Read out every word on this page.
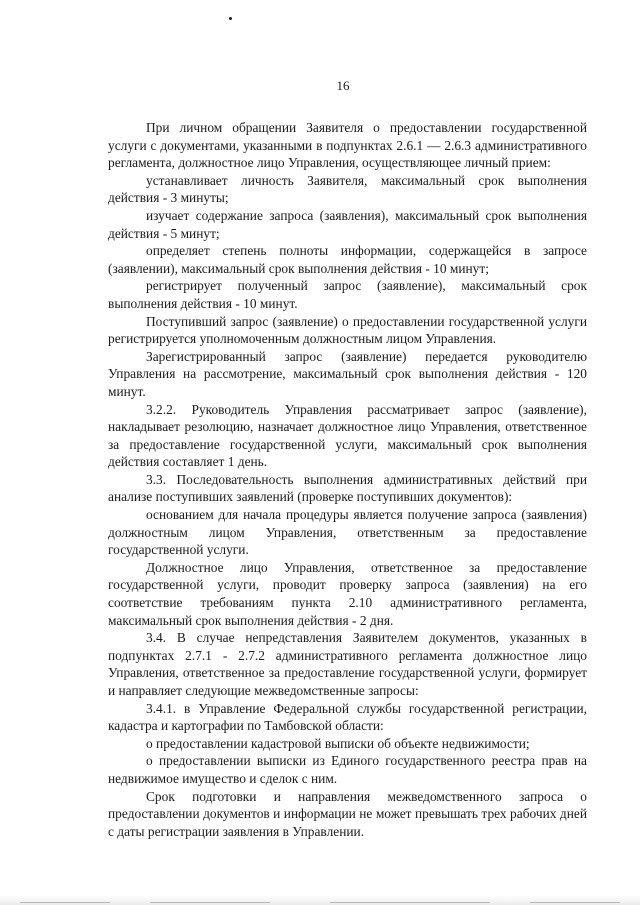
16

При личном обращении Заявителя о предоставлении государственной услуги с документами, указанными в подпунктах 2.6.1 — 2.6.3 административного регламента, должностное лицо Управления, осуществляющее личный прием:

устанавливает личность Заявителя, максимальный срок выполнения действия - 3 минуты;

изучает содержание запроса (заявления), максимальный срок выполнения действия - 5 минут;

определяет степень полноты информации, содержащейся в запросе (заявлении), максимальный срок выполнения действия - 10 минут;

регистрирует полученный запрос (заявление), максимальный срок выполнения действия - 10 минут.

Поступивший запрос (заявление) о предоставлении государственной услуги регистрируется уполномоченным должностным лицом Управления.

Зарегистрированный запрос (заявление) передается руководителю Управления на рассмотрение, максимальный срок выполнения действия - 120 минут.

3.2.2. Руководитель Управления рассматривает запрос (заявление), накладывает резолюцию, назначает должностное лицо Управления, ответственное за предоставление государственной услуги, максимальный срок выполнения действия составляет 1 день.

3.3. Последовательность выполнения административных действий при анализе поступивших заявлений (проверке поступивших документов):

основанием для начала процедуры является получение запроса (заявления) должностным лицом Управления, ответственным за предоставление государственной услуги.

Должностное лицо Управления, ответственное за предоставление государственной услуги, проводит проверку запроса (заявления) на его соответствие требованиям пункта 2.10 административного регламента, максимальный срок выполнения действия - 2 дня.

3.4. В случае непредставления Заявителем документов, указанных в подпунктах 2.7.1 - 2.7.2 административного регламента должностное лицо Управления, ответственное за предоставление государственной услуги, формирует и направляет следующие межведомственные запросы:

3.4.1. в Управление Федеральной службы государственной регистрации, кадастра и картографии по Тамбовской области:

о предоставлении кадастровой выписки об объекте недвижимости;

о предоставлении выписки из Единого государственного реестра прав на недвижимое имущество и сделок с ним.

Срок подготовки и направления межведомственного запроса о предоставлении документов и информации не может превышать трех рабочих дней с даты регистрации заявления в Управлении.
